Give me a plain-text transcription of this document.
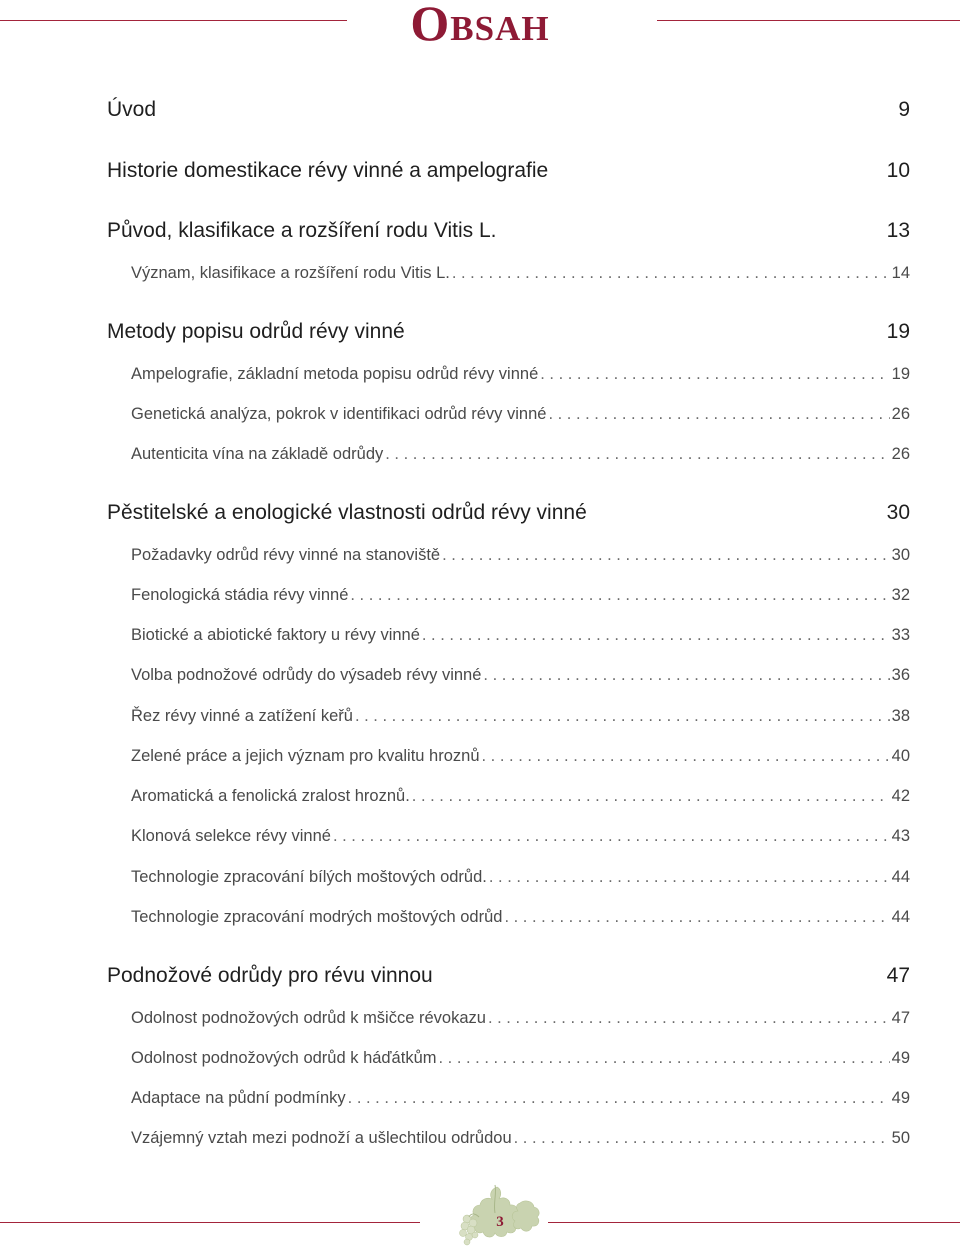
Obsah
Úvod	9
Historie domestikace révy vinné a ampelografie	10
Původ, klasifikace a rozšíření rodu Vitis L.	13
Význam, klasifikace a rozšíření rodu Vitis L. . . .	14
Metody popisu odrůd révy vinné	19
Ampelografie, základní metoda popisu odrůd révy vinné . . .	19
Genetická analýza, pokrok v identifikaci odrůd révy vinné . . .	26
Autenticita vína na základě odrůdy . . .	26
Pěstitelské a enologické vlastnosti odrůd révy vinné	30
Požadavky odrůd révy vinné na stanoviště . . .	30
Fenologická stádia révy vinné . . .	32
Biotické a abiotické faktory u révy vinné . . .	33
Volba podnožové odrůdy do výsadeb révy vinné . . .	36
Řez révy vinné a zatížení keřů . . .	38
Zelené práce a jejich význam pro kvalitu hroznů . . .	40
Aromatická a fenolická zralost hroznů. . . .	42
Klonová selekce révy vinné . . .	43
Technologie zpracování bílých moštových odrůd. . . .	44
Technologie zpracování modrých moštových odrůd . . .	44
Podnožové odrůdy pro révu vinnou	47
Odolnost podnožových odrůd k mšičce révokazu . . .	47
Odolnost podnožových odrůd k háďátkům . . .	49
Adaptace na půdní podmínky . . .	49
Vzájemný vztah mezi podnoží a ušlechtilou odrůdou . . .	50
3
